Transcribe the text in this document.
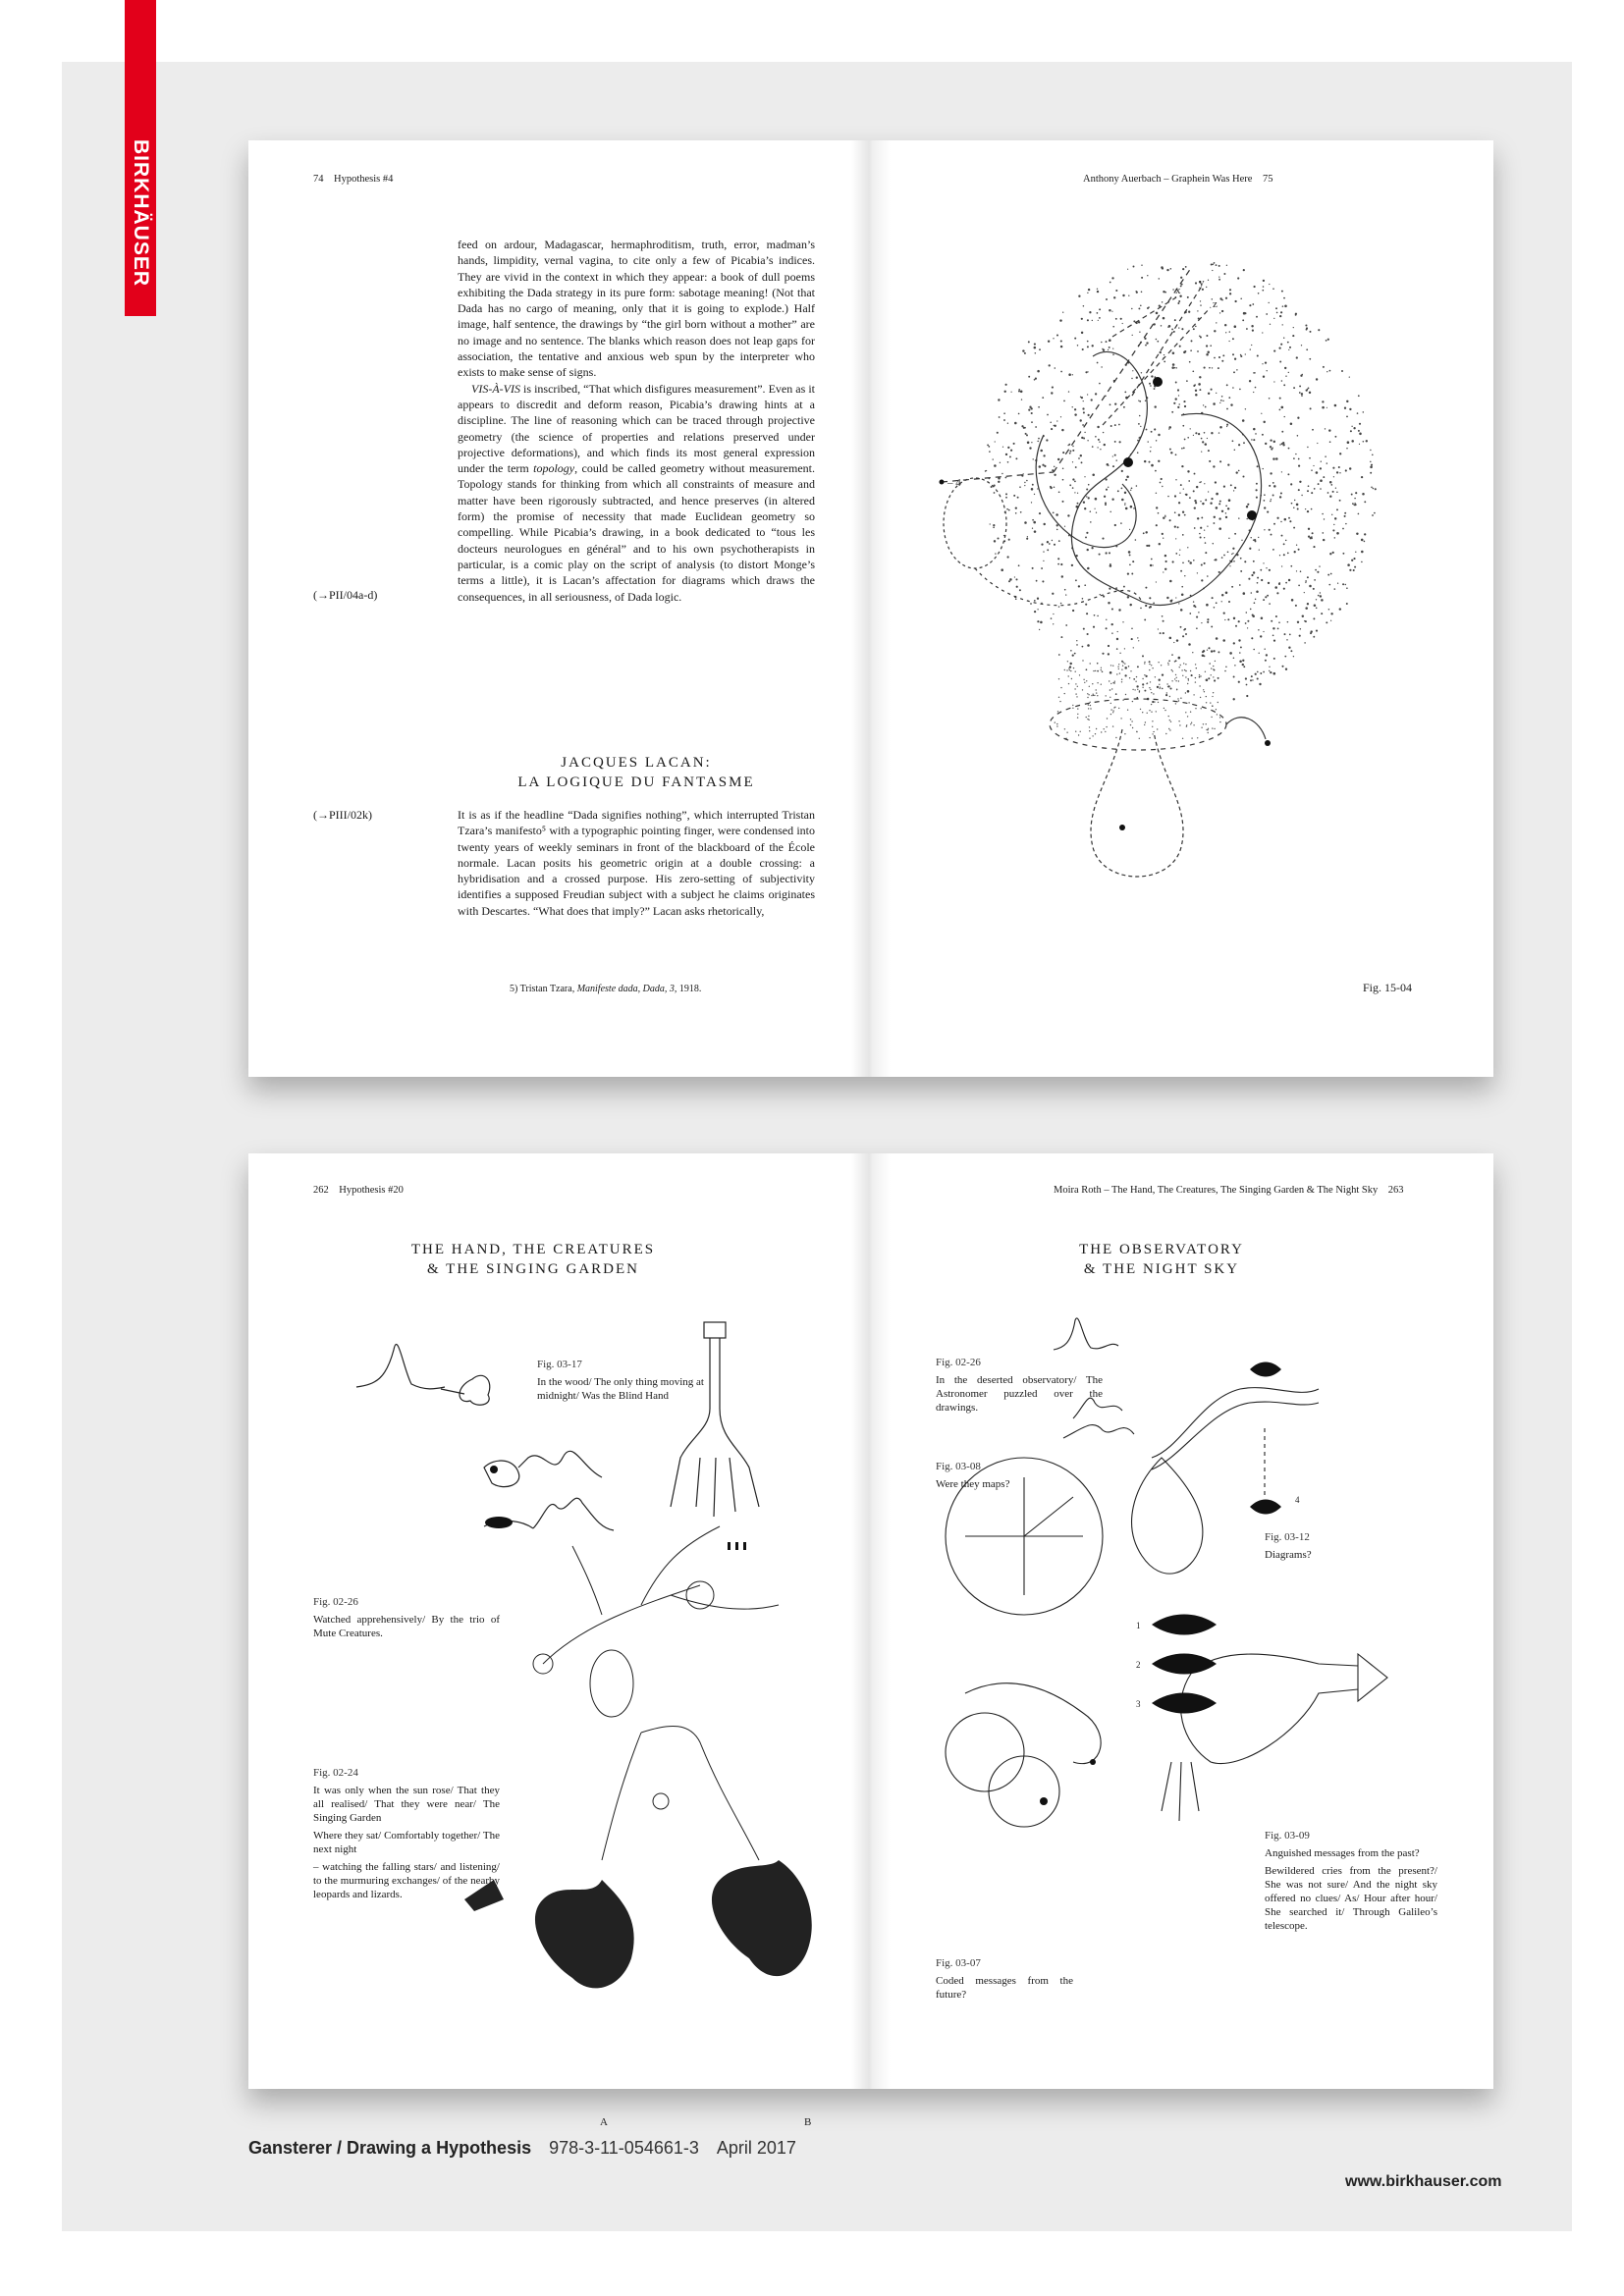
BIRKHÄUSER	74 Hypothesis #4

feed on ardour, Madagascar, hermaphroditism, truth, error, madman’s hands, limpidity, vernal vagina, to cite only a few of Picabia’s indices. They are vivid in the context in which they appear: a book of dull poems exhibiting the Dada strategy in its pure form: sabotage meaning! (Not that Dada has no cargo of meaning, only that it is going to explode.) Half image, half sentence, the drawings by “the girl born without a mother” are no image and no sentence. The blanks which reason does not leap gaps for association, the tentative and anxious web spun by the interpreter who exists to make sense of signs.

VIS-À-VIS is inscribed, “That which disfigures measurement”. Even as it appears to discredit and deform reason, Picabia’s drawing hints at a discipline. The line of reasoning which can be traced through projective geometry (the science of properties and relations preserved under projective deformations), and which finds its most general expression under the term topology, could be called geometry without measurement. Topology stands for thinking from which all constraints of measure and matter have been rigorously subtracted, and hence preserves (in altered form) the promise of necessity that made Euclidean geometry so compelling. While Picabia’s drawing, in a book dedicated to “tous les docteurs neurologues en général” and to his own psychotherapists in particular, is a comic play on the script of analysis (to distort Monge’s terms a little), it is Lacan’s affectation for diagrams which draws the consequences, in all seriousness, of Dada logic.

(→PII/04a-d)
JACQUES LACAN:
LA LOGIQUE DU FANTASME
(→PIII/02k)	It is as if the headline “Dada signifies nothing”, which interrupted Tristan Tzara’s manifesto⁵ with a typographic pointing finger, were condensed into twenty years of weekly seminars in front of the blackboard of the École normale. Lacan posits his geometric origin at a double crossing: a hybridisation and a crossed purpose. His zero-setting of subjectivity identifies a supposed Freudian subject with a subject he claims originates with Descartes. “What does that imply?” Lacan asks rhetorically,

5) Tristan Tzara, Manifeste dada, Dada, 3, 1918.
Anthony Auerbach – Graphein Was Here 75
x
y
z
– 4
Fig. 15-04
262 Hypothesis #20
THE HAND, THE CREATURES
& THE SINGING GARDEN
Fig. 03-17

In the wood/ The only thing moving at midnight/ Was the Blind Hand

Fig. 02-26

Watched apprehensively/ By the trio of Mute Creatures.

Fig. 02-24

It was only when the sun rose/ That they all realised/ That they were near/ The Singing Garden

Where they sat/ Comfortably together/ The next night

– watching the falling stars/ and listening/ to the murmuring exchanges/ of the nearby leopards and lizards.

A	B
Moira Roth – The Hand, The Creatures, The Singing Garden & The Night Sky 263
THE OBSERVATORY
& THE NIGHT SKY
Fig. 02-26

In the deserted observatory/ The Astronomer puzzled over the drawings.

Fig. 03-08

Were they maps?

Fig. 03-12

Diagrams?

Fig. 03-09

Anguished messages from the past?

Bewildered cries from the present?/ She was not sure/ And the night sky offered no clues/ As/ Hour after hour/ She searched it/ Through Galileo’s telescope.

Fig. 03-07

Coded messages from the future?

1
2
3
4
Gansterer / Drawing a Hypothesis 978-3-11-054661-3 April 2017
www.birkhauser.com
